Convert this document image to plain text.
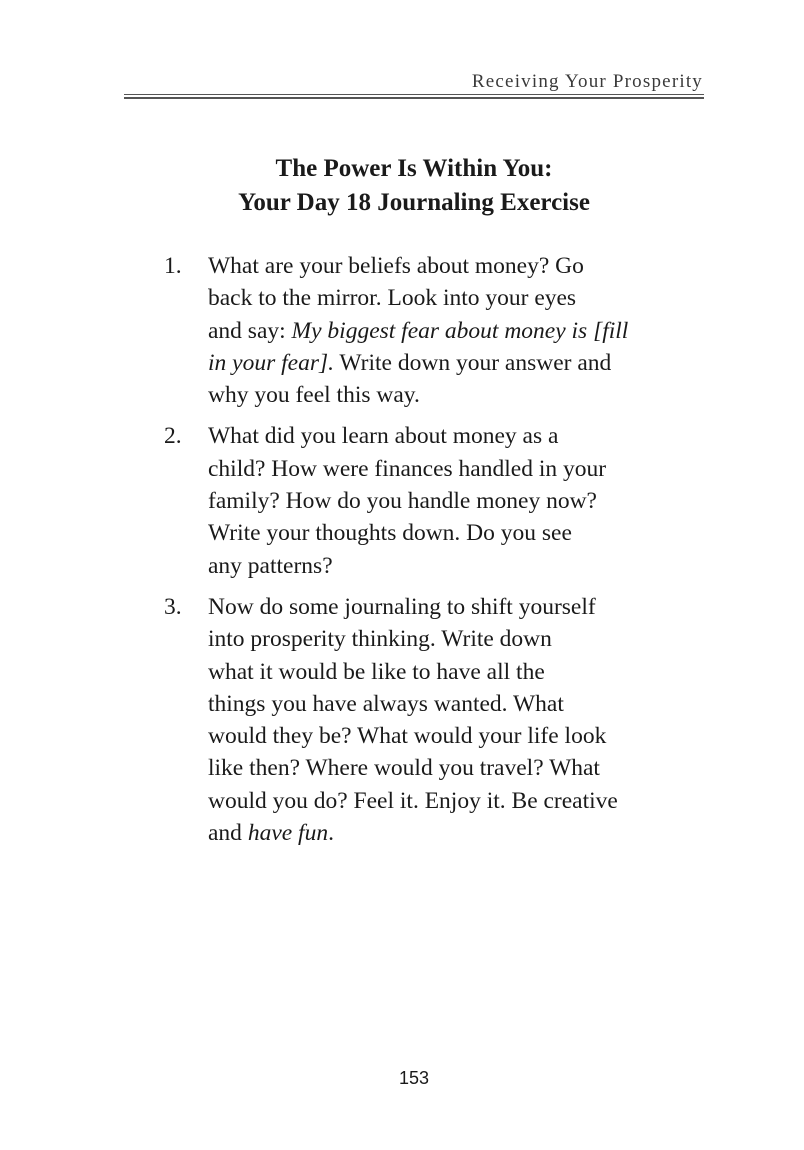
Receiving Your Prosperity
The Power Is Within You:
Your Day 18 Journaling Exercise
1. What are your beliefs about money? Go
back to the mirror. Look into your eyes
and say: My biggest fear about money is [fill
in your fear]. Write down your answer and
why you feel this way.
2. What did you learn about money as a
child? How were finances handled in your
family? How do you handle money now?
Write your thoughts down. Do you see
any patterns?
3. Now do some journaling to shift yourself
into prosperity thinking. Write down
what it would be like to have all the
things you have always wanted. What
would they be? What would your life look
like then? Where would you travel? What
would you do? Feel it. Enjoy it. Be creative
and have fun.
153
